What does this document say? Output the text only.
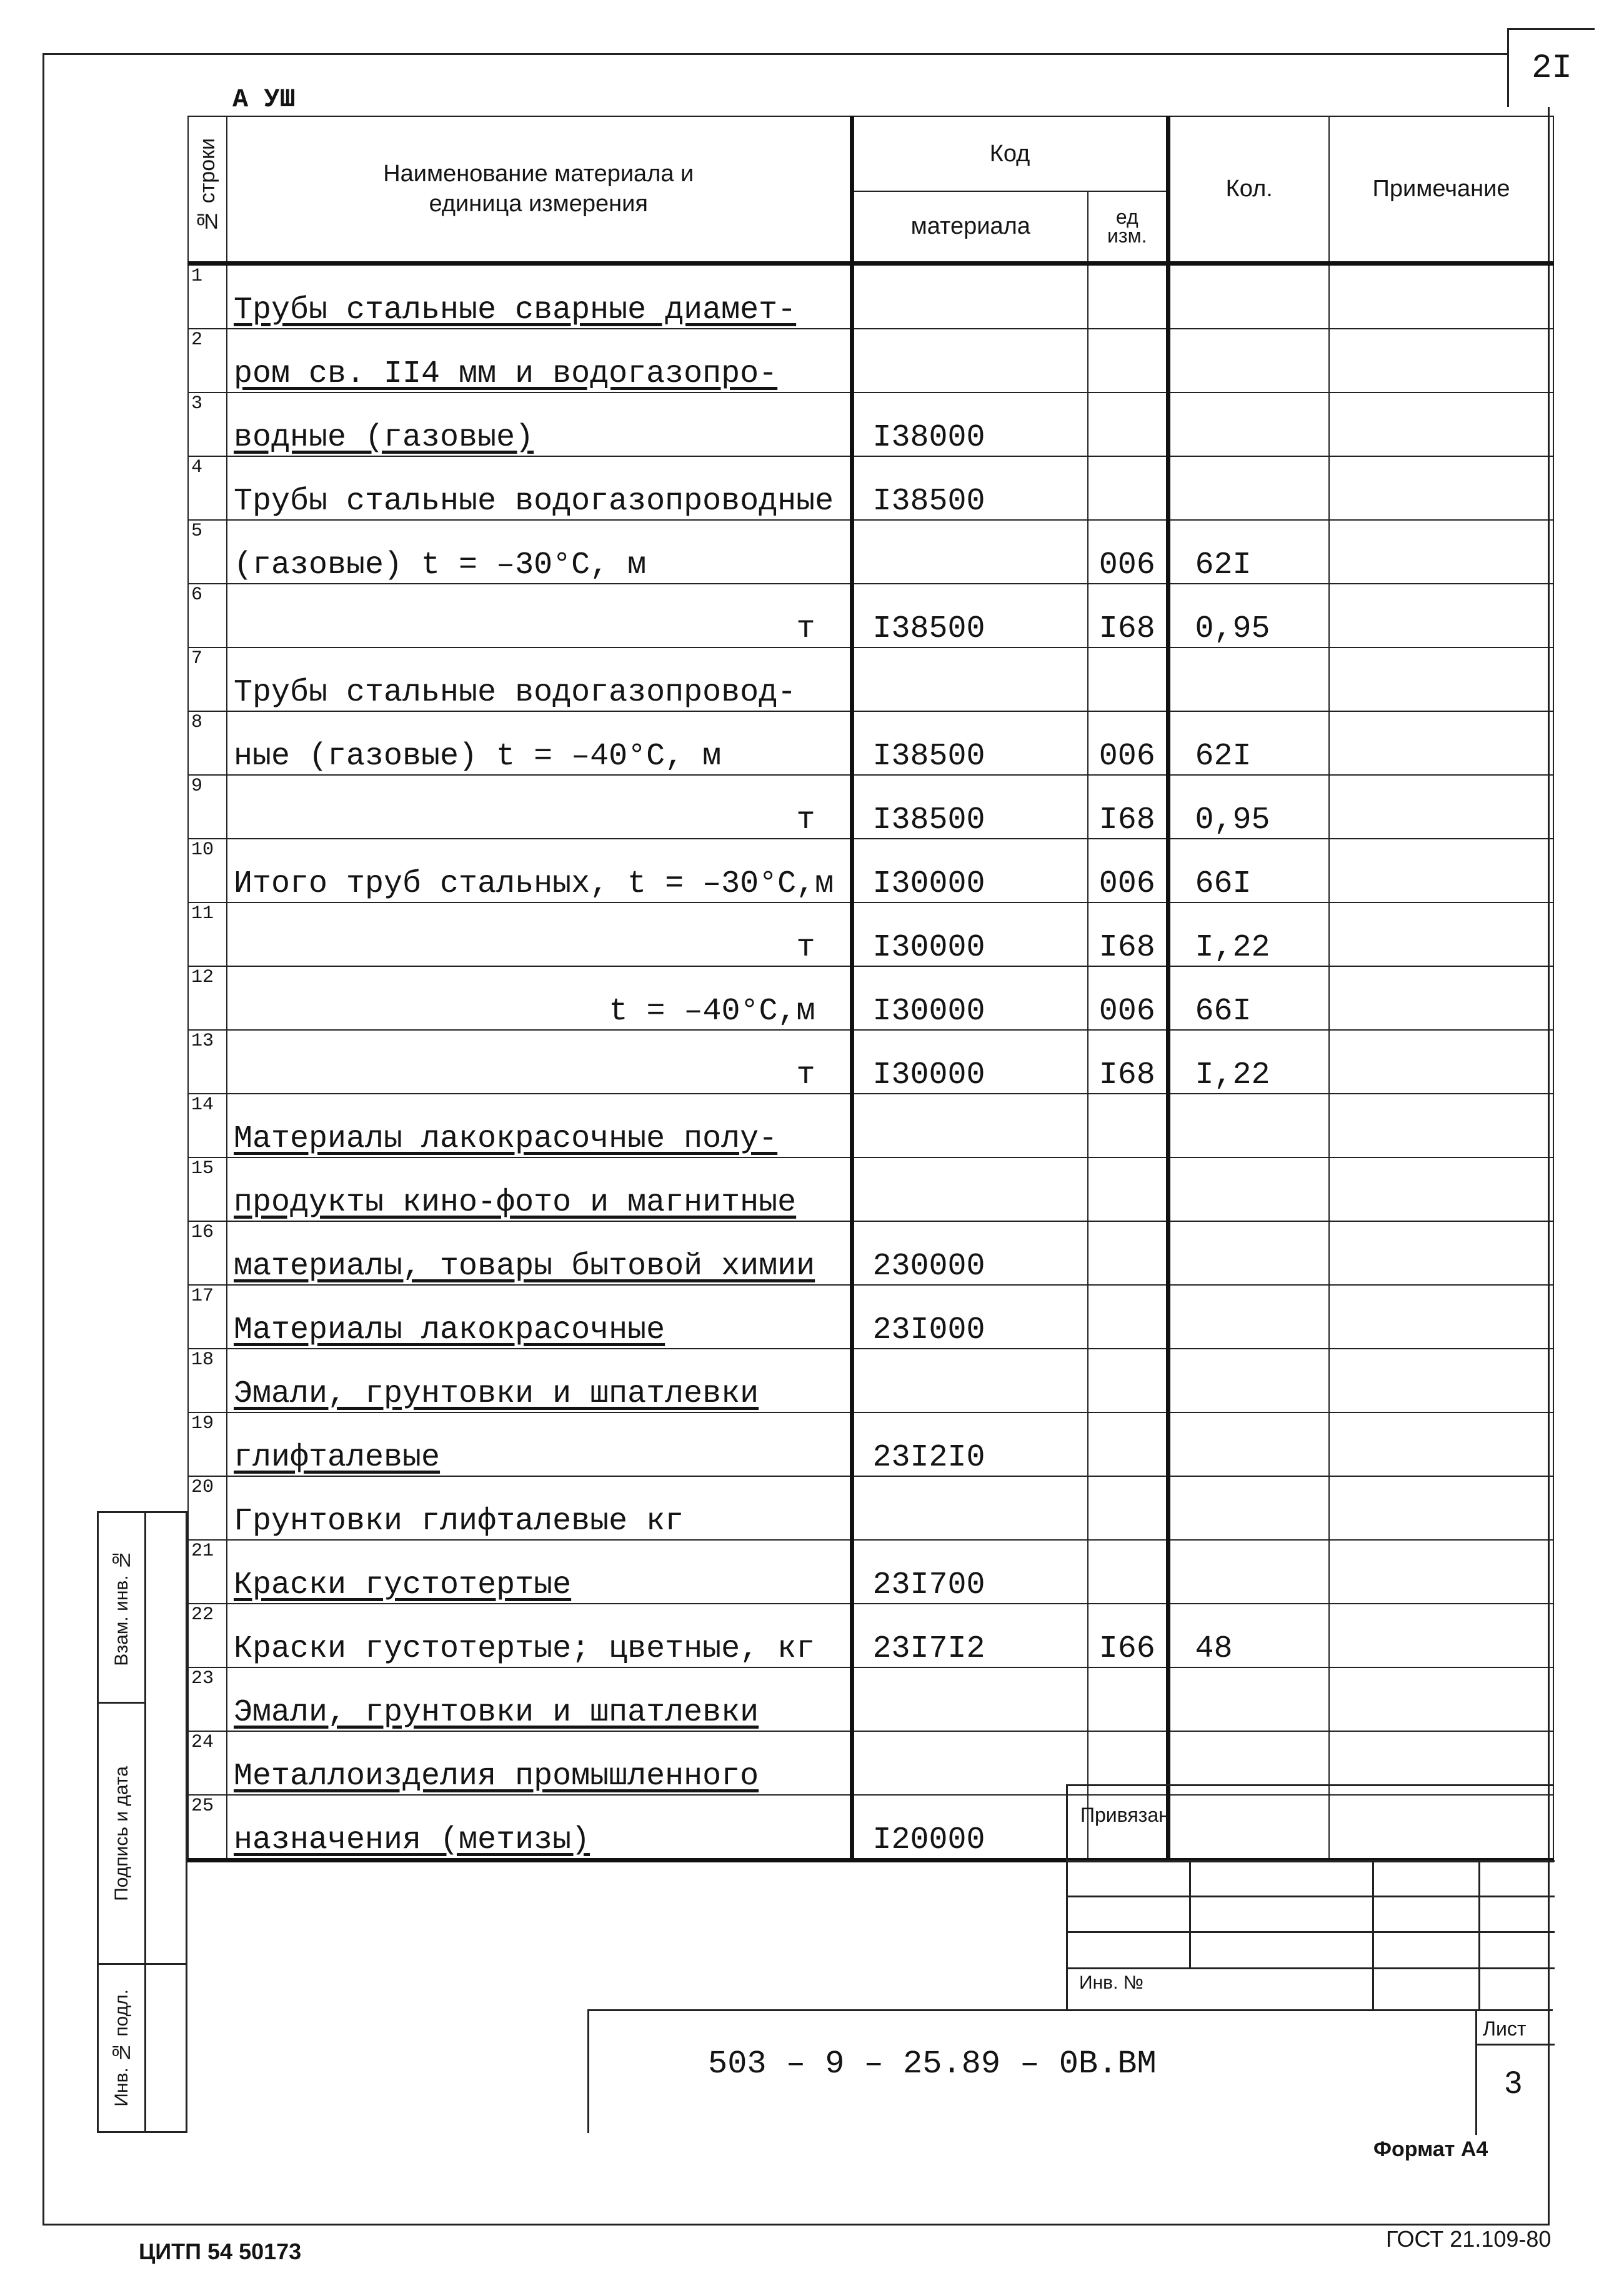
2I
А УШ
№ строки	Наименование материала и
единица измерения	Код		Кол.	Примечание
		материала	ед
изм.		
1	Трубы стальные сварные диамет-				
2	ром св. II4 мм и водогазопро-				
3	водные (газовые)	I38000			
4	Трубы стальные водогазопроводные	I38500			
5	(газовые) t = –30°С, м		006	62I	
6	т	I38500	I68	0,95	
7	Трубы стальные водогазопровод-				
8	ные (газовые) t = –40°С, м	I38500	006	62I	
9	т	I38500	I68	0,95	
10	Итого труб стальных, t = –30°С,м	I30000	006	66I	
11	т	I30000	I68	I,22	
12	t = –40°С,м	I30000	006	66I	
13	т	I30000	I68	I,22	
14	Материалы лакокрасочные полу-				
15	продукты кино-фото и магнитные				
16	материалы, товары бытовой химии	230000			
17	Материалы лакокрасочные	23I000			
18	Эмали, грунтовки и шпатлевки				
19	глифталевые	23I2I0			
20	Грунтовки глифталевые кг				
21	Краски густотертые	23I700			
22	Краски густотертые; цветные, кг	23I7I2	I66	48	
23	Эмали, грунтовки и шпатлевки				
24	Металлоизделия промышленного				
25	назначения (метизы)	I20000			
Взам. инв. №
Подпись и дата
Инв. № подл.
Привязан
Инв. №
503 – 9 – 25.89 – 0В.ВМ
Лист
3
Формат А4
ЦИТП 54 50173	ГОСТ 21.109-80
